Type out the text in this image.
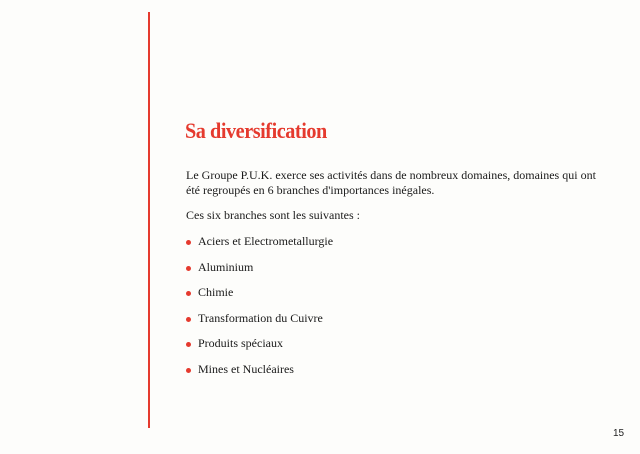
Sa diversification

Le Groupe P.U.K. exerce ses activités dans de nombreux domaines, domaines qui ont
été regroupés en 6 branches d'importances inégales.

Ces six branches sont les suivantes :

Aciers et Electrometallurgie
Aluminium
Chimie
Transformation du Cuivre
Produits spéciaux
Mines et Nucléaires
15
